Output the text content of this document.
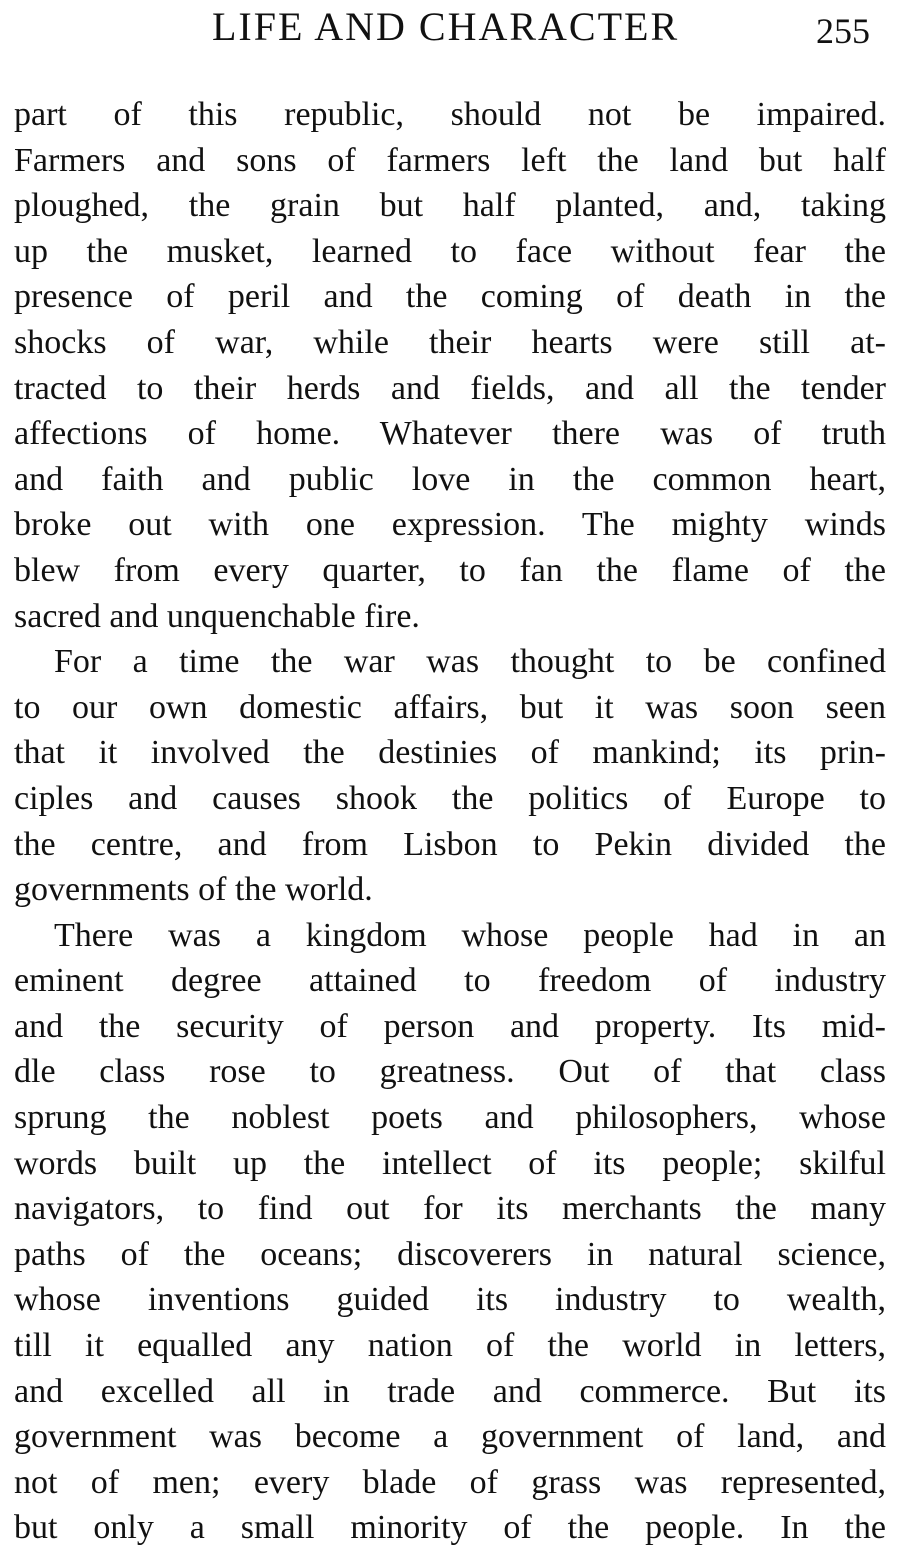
LIFE AND CHARACTER	255
part of this republic, should not be impaired.
Farmers and sons of farmers left the land but half
ploughed, the grain but half planted, and, taking
up the musket, learned to face without fear the
presence of peril and the coming of death in the
shocks of war, while their hearts were still at-
tracted to their herds and fields, and all the tender
affections of home. Whatever there was of truth
and faith and public love in the common heart,
broke out with one expression. The mighty winds
blew from every quarter, to fan the flame of the
sacred and unquenchable fire.
For a time the war was thought to be confined
to our own domestic affairs, but it was soon seen
that it involved the destinies of mankind; its prin-
ciples and causes shook the politics of Europe to
the centre, and from Lisbon to Pekin divided the
governments of the world.
There was a kingdom whose people had in an
eminent degree attained to freedom of industry
and the security of person and property. Its mid-
dle class rose to greatness. Out of that class
sprung the noblest poets and philosophers, whose
words built up the intellect of its people; skilful
navigators, to find out for its merchants the many
paths of the oceans; discoverers in natural science,
whose inventions guided its industry to wealth,
till it equalled any nation of the world in letters,
and excelled all in trade and commerce. But its
government was become a government of land, and
not of men; every blade of grass was represented,
but only a small minority of the people. In the
